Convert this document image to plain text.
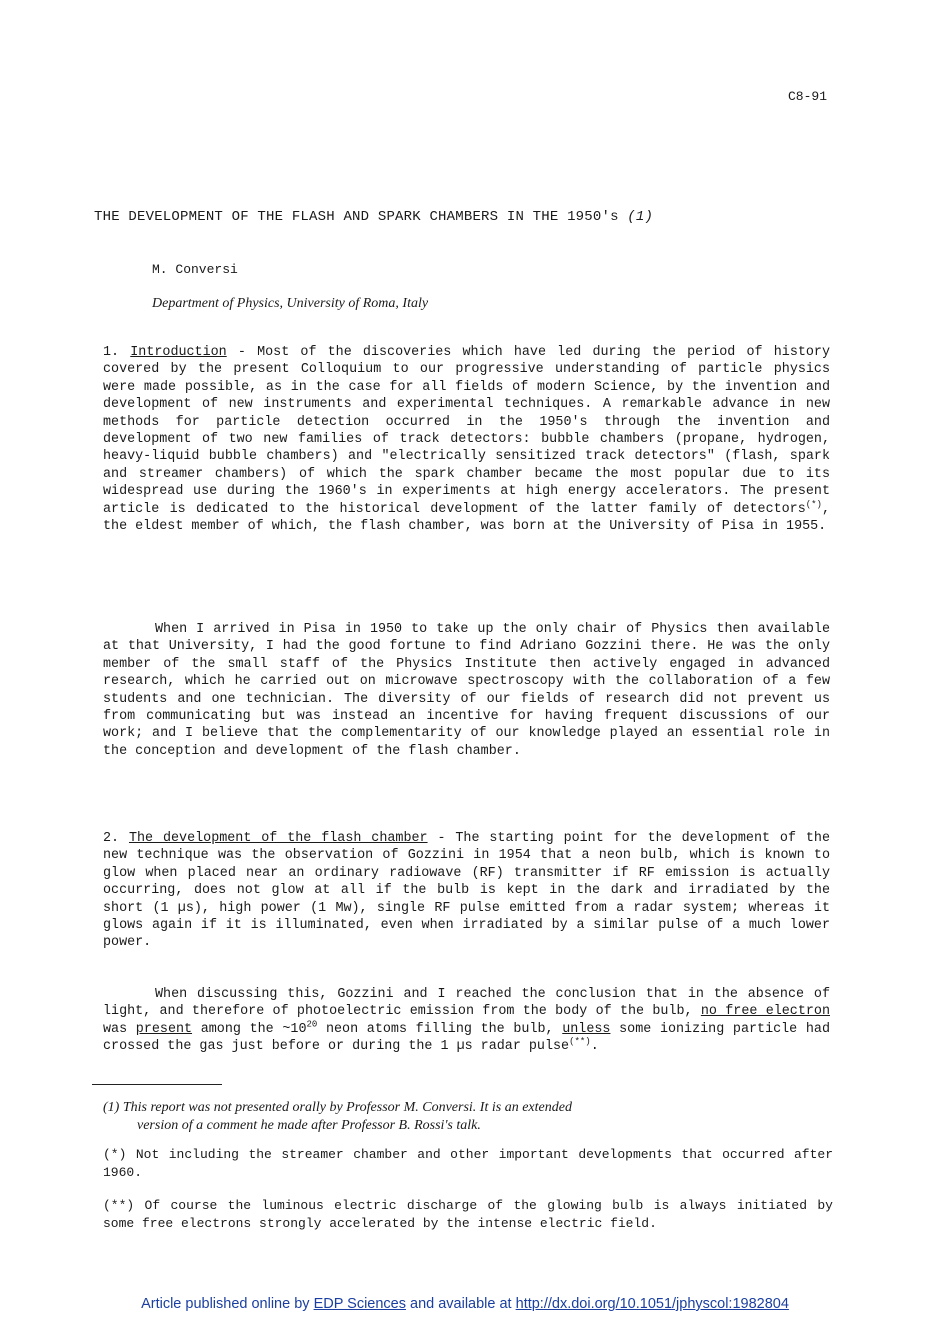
C8-91
THE DEVELOPMENT OF THE FLASH AND SPARK CHAMBERS IN THE 1950's (1)
M. Conversi
Department of Physics, University of Roma, Italy

1. Introduction - Most of the discoveries which have led during the period of history covered by the present Colloquium to our progressive understanding of particle physics were made possible, as in the case for all fields of modern Science, by the invention and development of new instruments and experimental techniques. A remarkable advance in new methods for particle detection occurred in the 1950's through the invention and development of two new families of track detectors: bubble chambers (propane, hydrogen, heavy-liquid bubble chambers) and "electrically sensitized track detectors" (flash, spark and streamer chambers) of which the spark chamber became the most popular due to its widespread use during the 1960's in experiments at high energy accelerators. The present article is dedicated to the historical development of the latter family of detectors(*), the eldest member of which, the flash chamber, was born at the University of Pisa in 1955.

When I arrived in Pisa in 1950 to take up the only chair of Physics then available at that University, I had the good fortune to find Adriano Gozzini there. He was the only member of the small staff of the Physics Institute then actively engaged in advanced research, which he carried out on microwave spectroscopy with the collaboration of a few students and one technician. The diversity of our fields of research did not prevent us from communicating but was instead an incentive for having frequent discussions of our work; and I believe that the complementarity of our knowledge played an essential role in the conception and development of the flash chamber.

2. The development of the flash chamber - The starting point for the development of the new technique was the observation of Gozzini in 1954 that a neon bulb, which is known to glow when placed near an ordinary radiowave (RF) transmitter if RF emission is actually occurring, does not glow at all if the bulb is kept in the dark and irradiated by the short (1 µs), high power (1 Mw), single RF pulse emitted from a radar system; whereas it glows again if it is illuminated, even when irradiated by a similar pulse of a much lower power.

When discussing this, Gozzini and I reached the conclusion that in the absence of light, and therefore of photoelectric emission from the body of the bulb, no free electron was present among the $\sim 10^{20}$ neon atoms filling the bulb, unless some ionizing particle had crossed the gas just before or during the 1 µs radar pulse(**).

(1) This report was not presented orally by Professor M. Conversi. It is an extended
version of a comment he made after Professor B. Rossi's talk.

(*) Not including the streamer chamber and other important developments that occurred after 1960.

(**) Of course the luminous electric discharge of the glowing bulb is always initiated by some free electrons strongly accelerated by the intense electric field.

Article published online by EDP Sciences and available at http://dx.doi.org/10.1051/jphyscol:1982804
